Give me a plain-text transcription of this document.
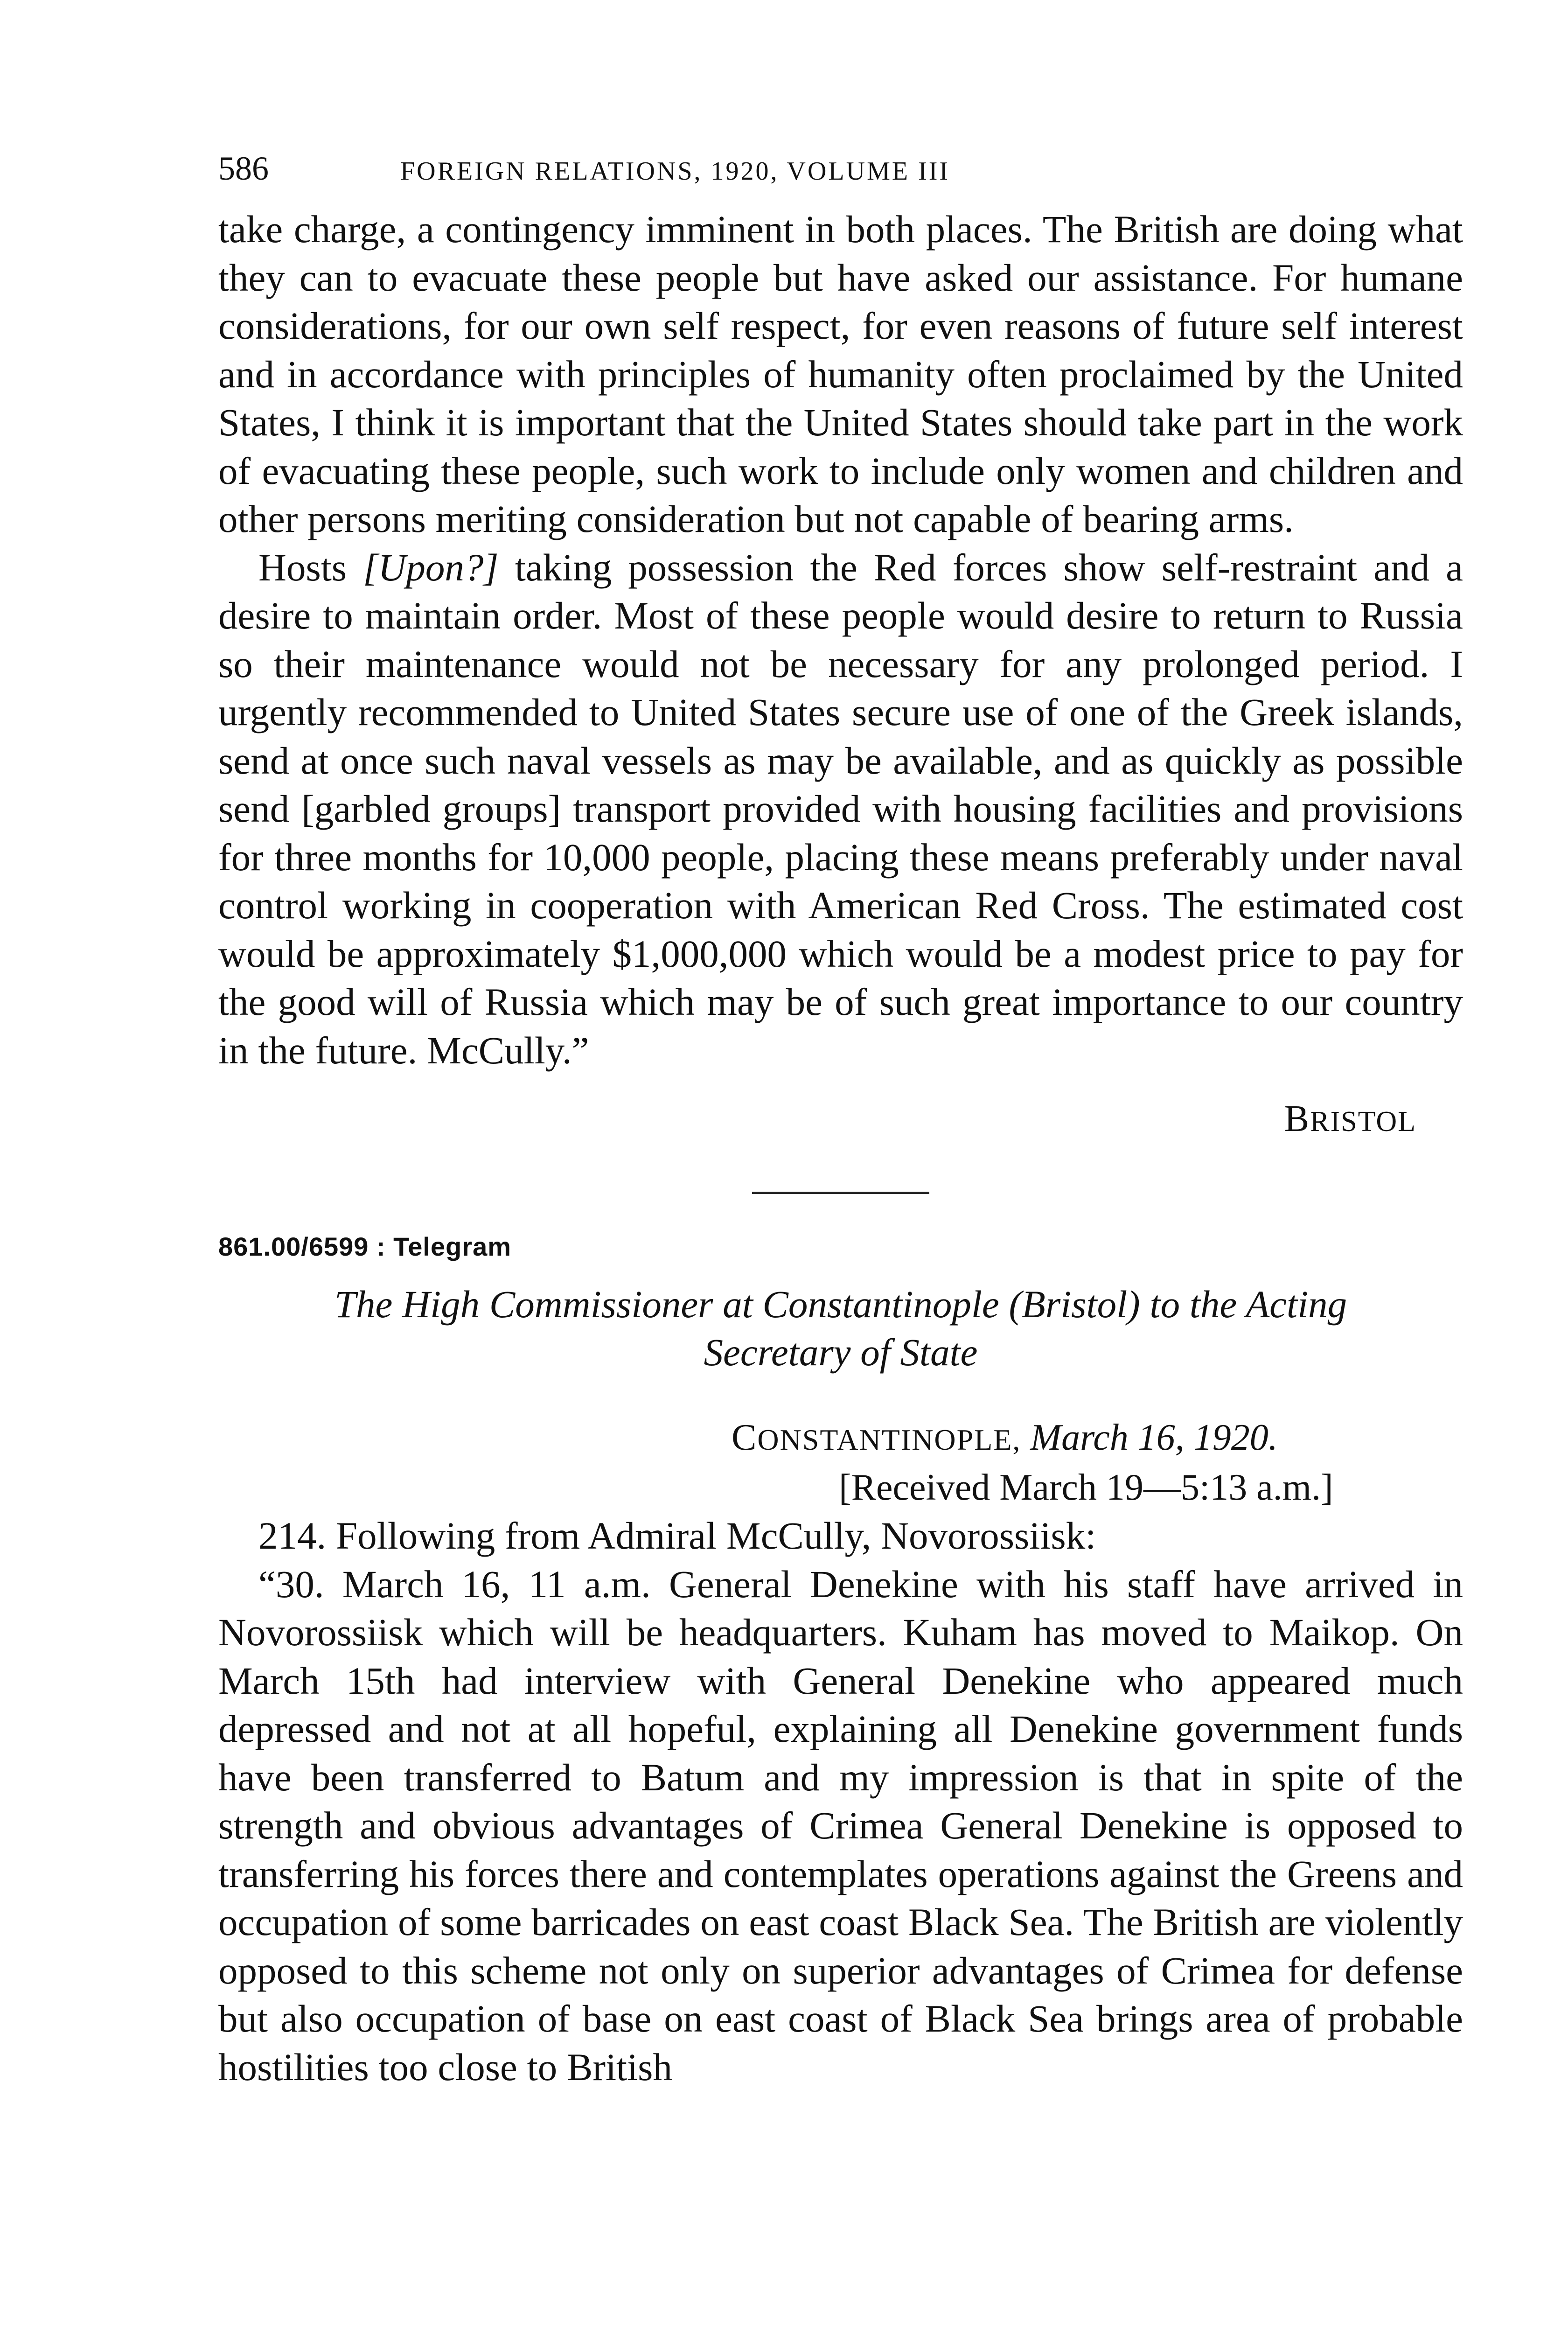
586	FOREIGN RELATIONS, 1920, VOLUME III

take charge, a contingency imminent in both places. The British are doing what they can to evacuate these people but have asked our assistance. For humane considerations, for our own self respect, for even reasons of future self interest and in accordance with principles of humanity often proclaimed by the United States, I think it is important that the United States should take part in the work of evacuating these people, such work to include only women and children and other persons meriting consideration but not capable of bearing arms.

Hosts [Upon?] taking possession the Red forces show self-restraint and a desire to maintain order. Most of these people would desire to return to Russia so their maintenance would not be necessary for any prolonged period. I urgently recommended to United States secure use of one of the Greek islands, send at once such naval vessels as may be available, and as quickly as possible send [garbled groups] transport provided with housing facilities and provisions for three months for 10,000 people, placing these means preferably under naval control working in cooperation with American Red Cross. The estimated cost would be approximately $1,000,000 which would be a modest price to pay for the good will of Russia which may be of such great importance to our country in the future. McCully.”

BRISTOL
861.00/6599 : Telegram

The High Commissioner at Constantinople (Bristol) to the Acting
Secretary of State

CONSTANTINOPLE, March 16, 1920.
[Received March 19—5:13 a.m.]

214. Following from Admiral McCully, Novorossiisk:

“30. March 16, 11 a.m. General Denekine with his staff have arrived in Novorossiisk which will be headquarters. Kuham has moved to Maikop. On March 15th had interview with General Denekine who appeared much depressed and not at all hopeful, explaining all Denekine government funds have been transferred to Batum and my impression is that in spite of the strength and obvious advantages of Crimea General Denekine is opposed to transferring his forces there and contemplates operations against the Greens and occupation of some barricades on east coast Black Sea. The British are violently opposed to this scheme not only on superior advantages of Crimea for defense but also occupation of base on east coast of Black Sea brings area of probable hostilities too close to British
